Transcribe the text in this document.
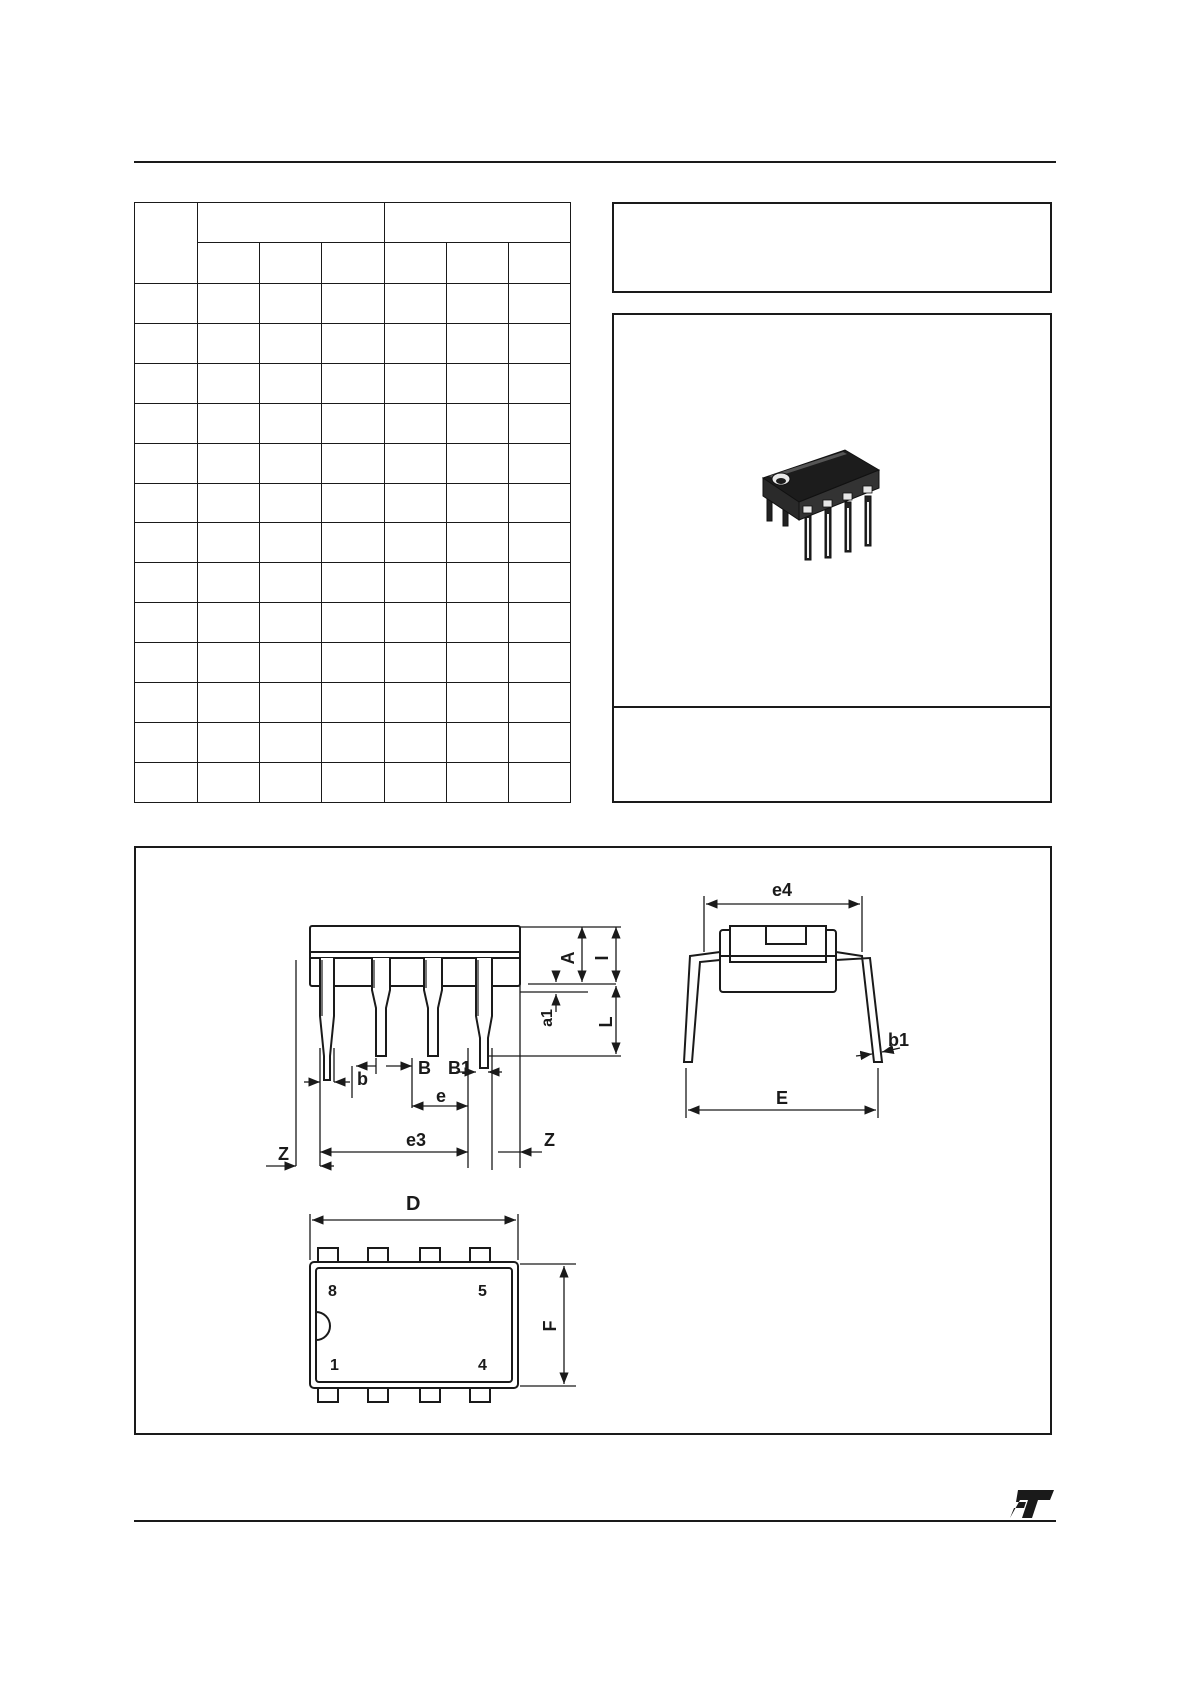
A I
a1 L
b
B B1
e
e3
Z
Z
e4
b1
E
D
F
8	5
1	4
